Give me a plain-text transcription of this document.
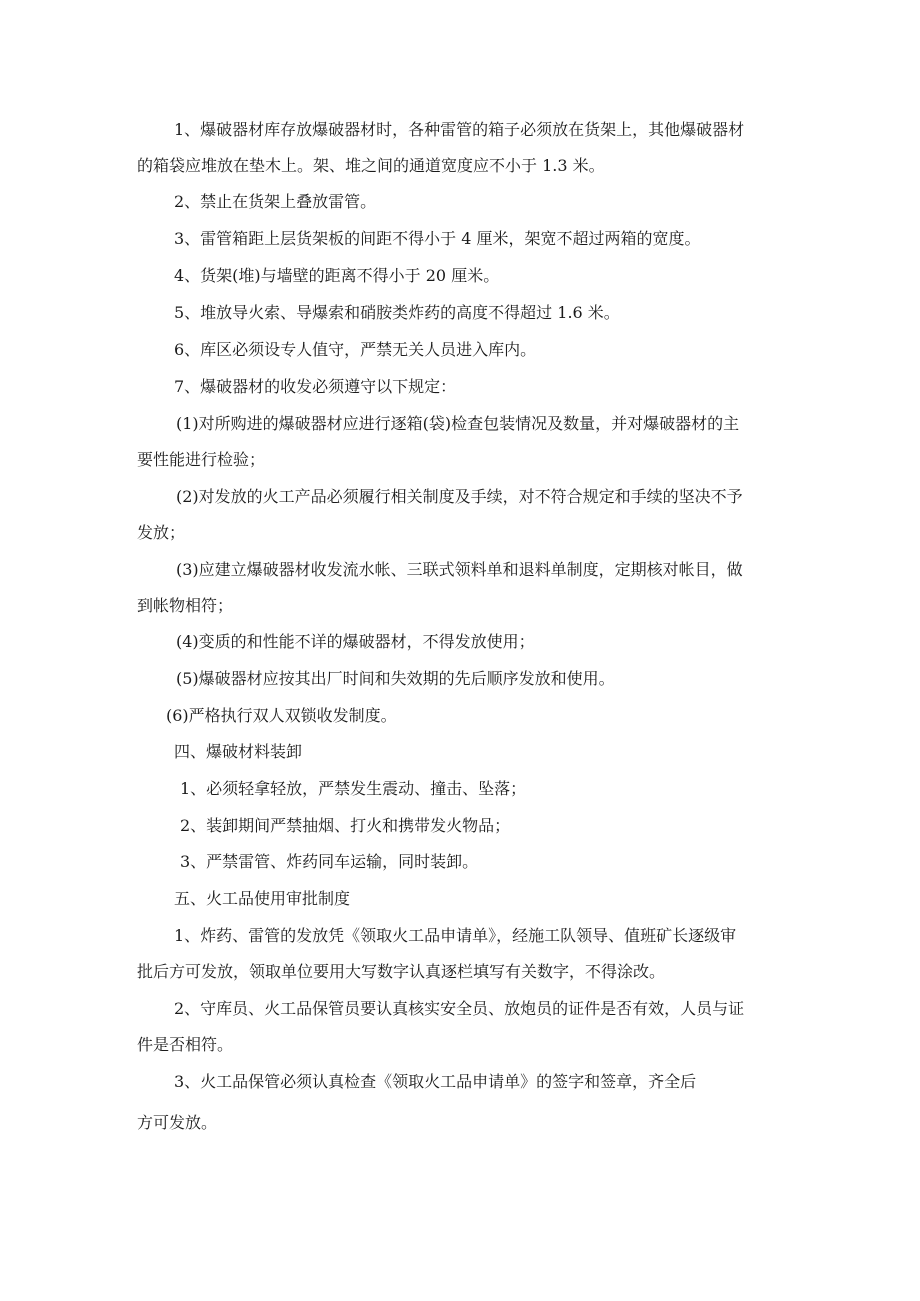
1、爆破器材库存放爆破器材时，各种雷管的箱子必须放在货架上，其他爆破器材
的箱袋应堆放在垫木上。架、堆之间的通道宽度应不小于 1.3 米。
2、禁止在货架上叠放雷管。
3、雷管箱距上层货架板的间距不得小于 4 厘米，架宽不超过两箱的宽度。
4、货架(堆)与墙壁的距离不得小于 20 厘米。
5、堆放导火索、导爆索和硝胺类炸药的高度不得超过 1.6 米。
6、库区必须设专人值守，严禁无关人员进入库内。
7、爆破器材的收发必须遵守以下规定：
(1)对所购进的爆破器材应进行逐箱(袋)检查包装情况及数量，并对爆破器材的主
要性能进行检验；
(2)对发放的火工产品必须履行相关制度及手续，对不符合规定和手续的坚决不予
发放；
(3)应建立爆破器材收发流水帐、三联式领料单和退料单制度，定期核对帐目，做
到帐物相符；
(4)变质的和性能不详的爆破器材，不得发放使用；
(5)爆破器材应按其出厂时间和失效期的先后顺序发放和使用。
(6)严格执行双人双锁收发制度。
四、爆破材料装卸
1、必须轻拿轻放，严禁发生震动、撞击、坠落；
2、装卸期间严禁抽烟、打火和携带发火物品；
3、严禁雷管、炸药同车运输，同时装卸。
五、火工品使用审批制度
1、炸药、雷管的发放凭《领取火工品申请单》，经施工队领导、值班矿长逐级审
批后方可发放，领取单位要用大写数字认真逐栏填写有关数字，不得涂改。
2、守库员、火工品保管员要认真核实安全员、放炮员的证件是否有效，人员与证
件是否相符。
3、火工品保管必须认真检查《领取火工品申请单》的签字和签章，齐全后
方可发放。
